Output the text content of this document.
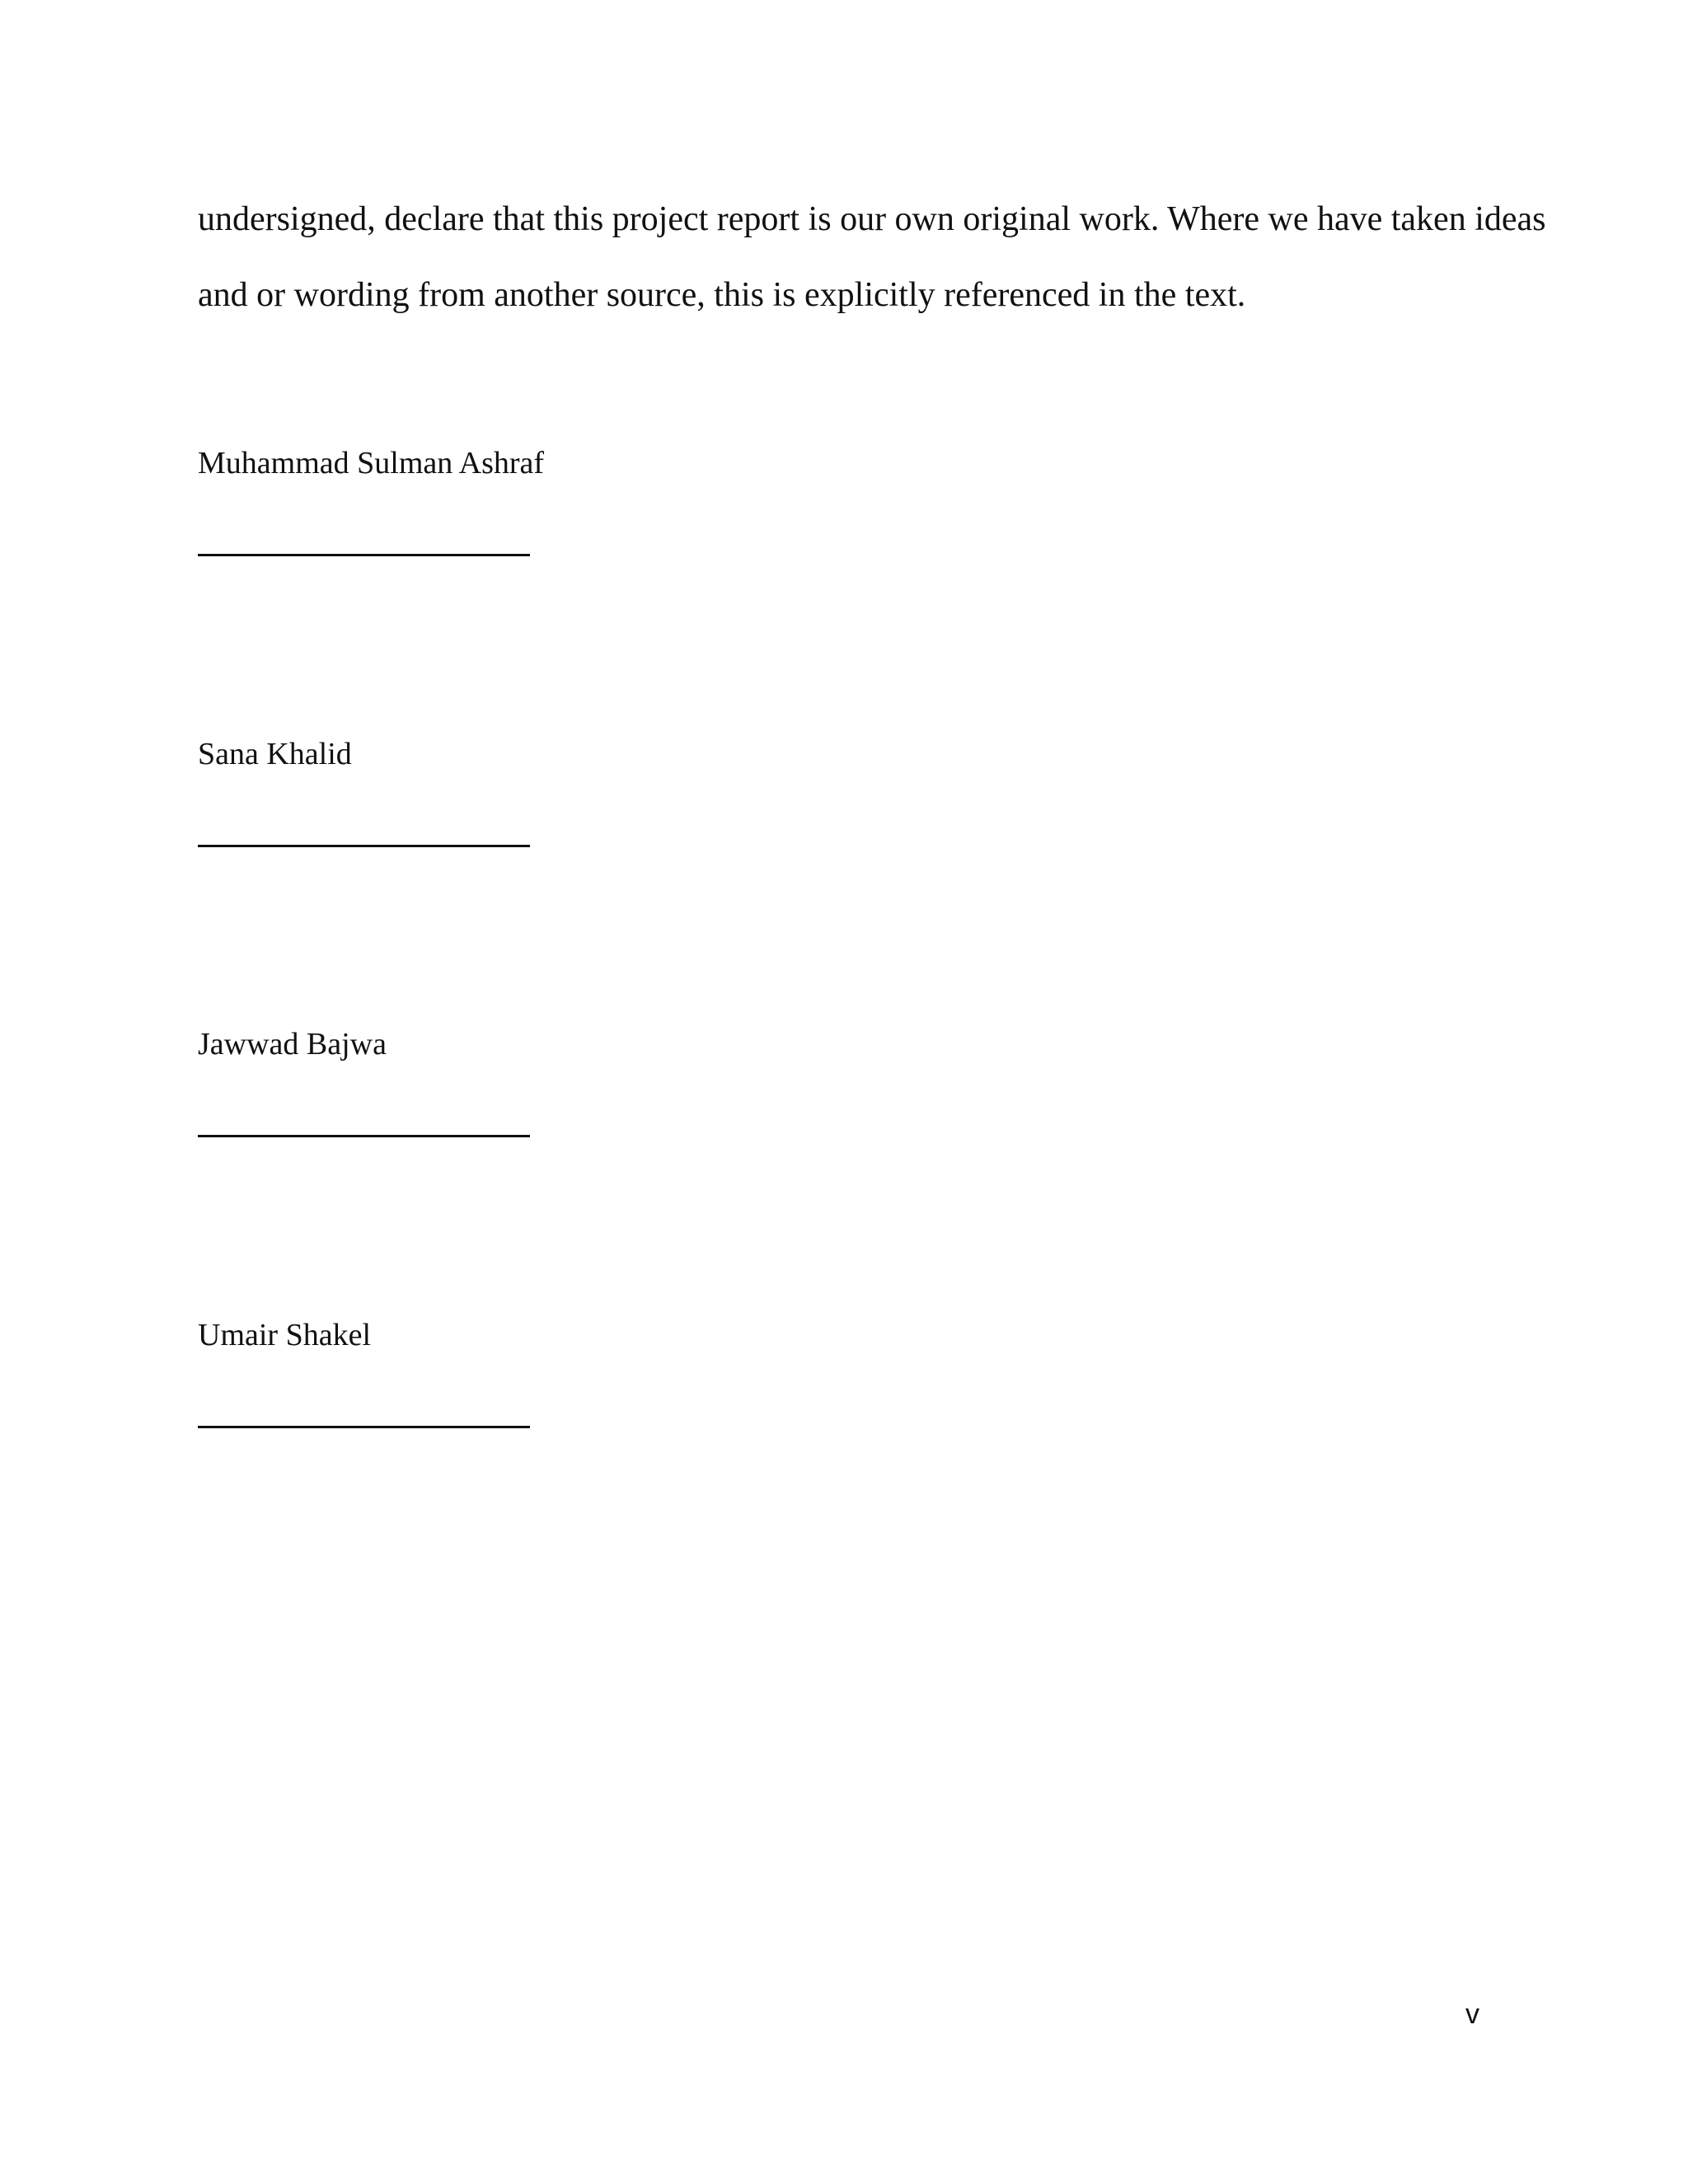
undersigned, declare that this project report is our own original work. Where we have taken ideas
and or wording from another source, this is explicitly referenced in the text.

Muhammad Sulman Ashraf
Sana Khalid
Jawwad Bajwa
Umair Shakel
v
